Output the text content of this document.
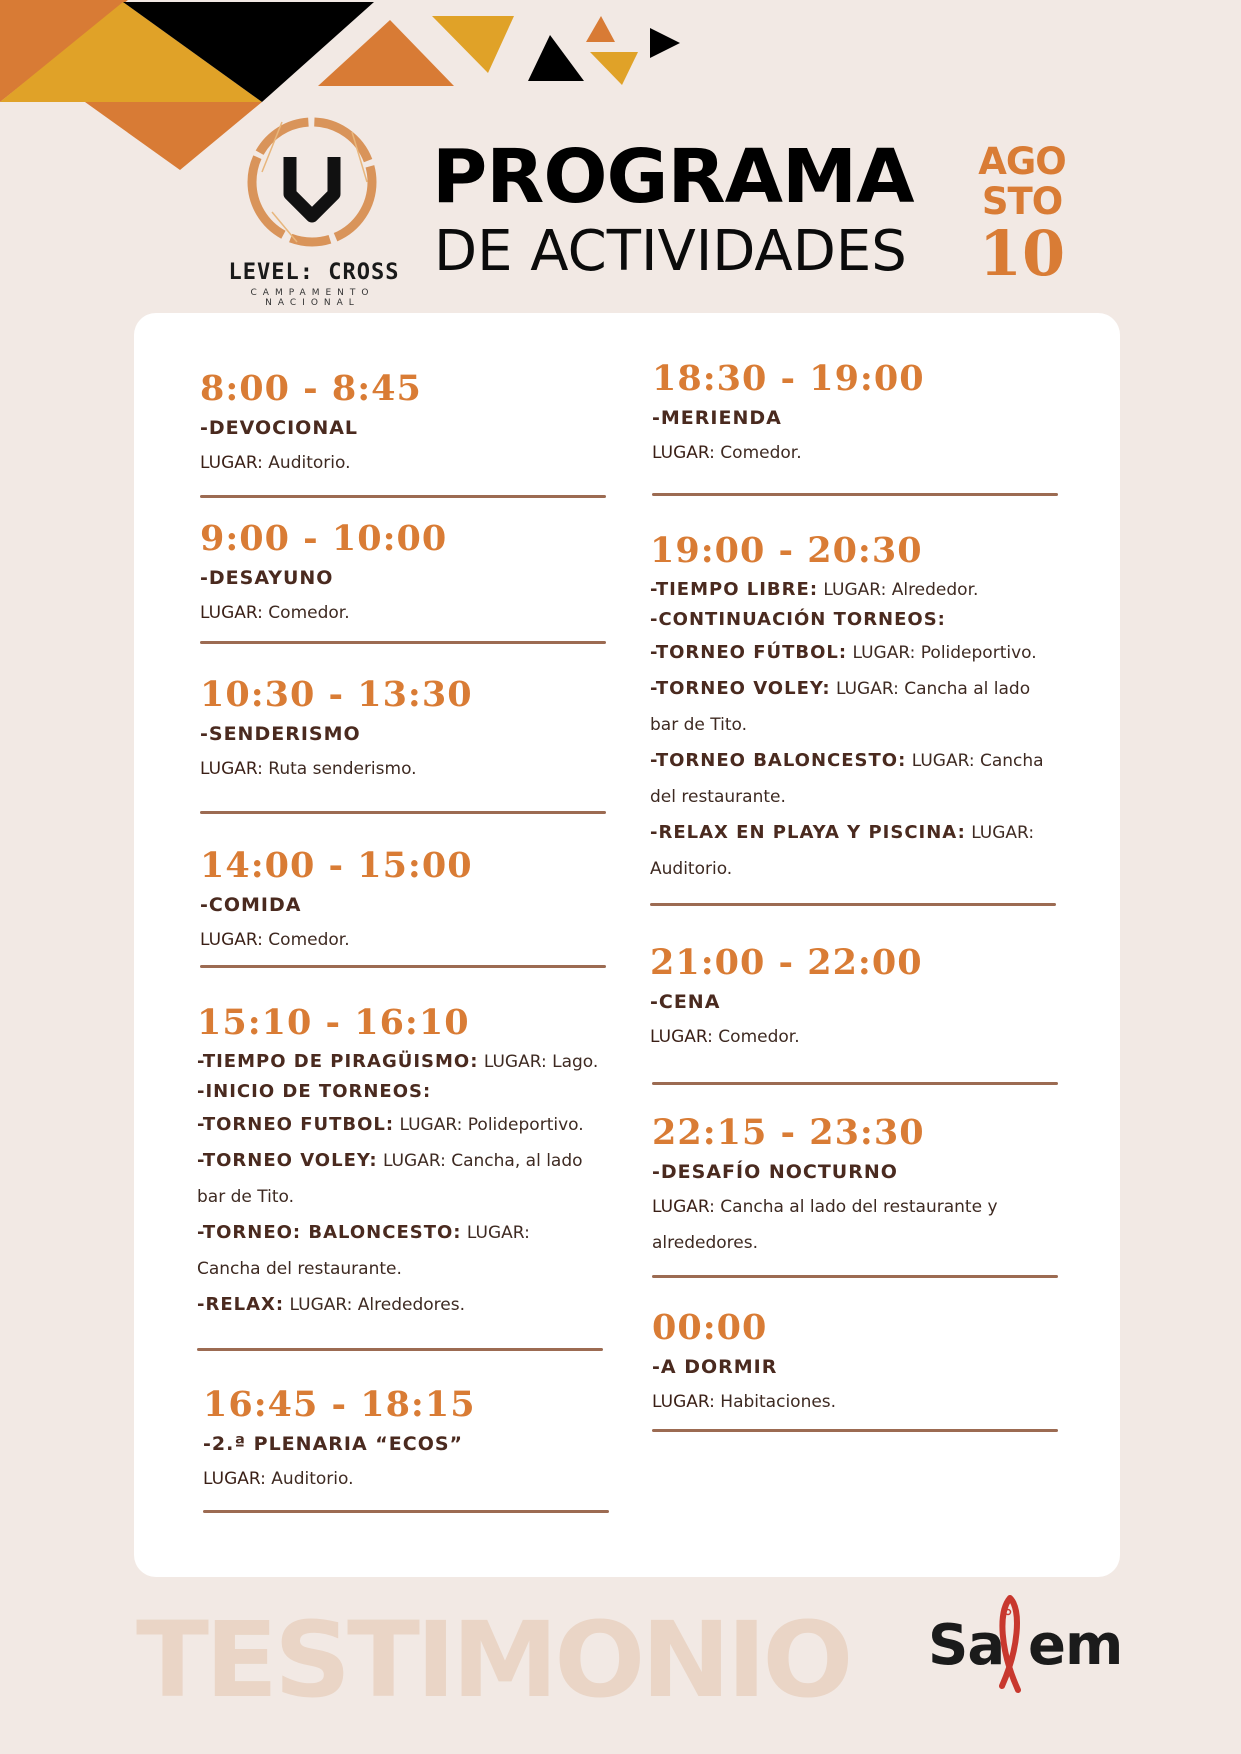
LEVEL: CROSS
CAMPAMENTO NACIONAL
PROGRAMA
DE ACTIVIDADES
AGO
STO
10
8:00 - 8:45
-DEVOCIONAL
LUGAR: Auditorio.
9:00 - 10:00
-DESAYUNO
LUGAR: Comedor.
10:30 - 13:30
-SENDERISMO
LUGAR: Ruta senderismo.
14:00 - 15:00
-COMIDA
LUGAR: Comedor.
15:10 - 16:10
-TIEMPO DE PIRAGÜISMO: LUGAR: Lago.
-INICIO DE TORNEOS:
-TORNEO FUTBOL: LUGAR: Polideportivo.
-TORNEO VOLEY: LUGAR: Cancha, al lado
bar de Tito.
-TORNEO: BALONCESTO: LUGAR:
Cancha del restaurante.
-RELAX: LUGAR: Alrededores.
16:45 - 18:15
-2.ª PLENARIA “ECOS”
LUGAR: Auditorio.
18:30 - 19:00
-MERIENDA
LUGAR: Comedor.
19:00 - 20:30
-TIEMPO LIBRE: LUGAR: Alrededor.
-CONTINUACIÓN TORNEOS:
-TORNEO FÚTBOL: LUGAR: Polideportivo.
-TORNEO VOLEY: LUGAR: Cancha al lado
bar de Tito.
-TORNEO BALONCESTO: LUGAR: Cancha
del restaurante.
-RELAX EN PLAYA Y PISCINA: LUGAR:
Auditorio.
21:00 - 22:00
-CENA
LUGAR: Comedor.
22:15 - 23:30
-DESAFÍO NOCTURNO
LUGAR: Cancha al lado del restaurante y
alrededores.
00:00
-A DORMIR
LUGAR: Habitaciones.
TESTIMONIO Sa em
